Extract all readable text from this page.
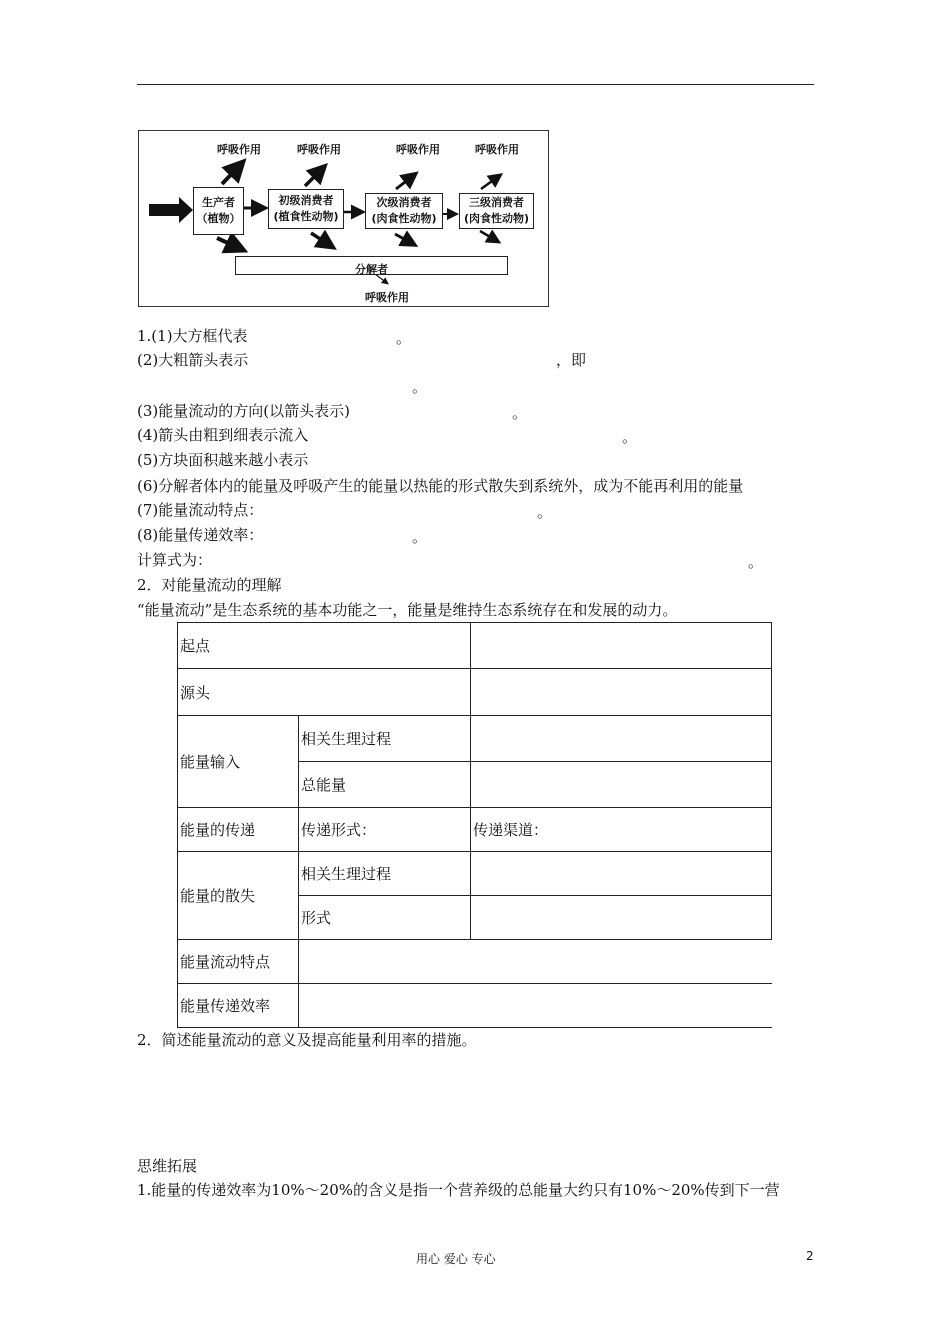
呼吸作用	呼吸作用	呼吸作用	呼吸作用
生产者
（植物）
初级消费者
(植食性动物)
次级消费者
(肉食性动物)
三级消费者
(肉食性动物)
分解者
呼吸作用
1.(1)大方框代表	。
(2)大粗箭头表示	，即
。
(3)能量流动的方向(以箭头表示)	。
(4)箭头由粗到细表示流入	。
(5)方块面积越来越小表示
(6)分解者体内的能量及呼吸产生的能量以热能的形式散失到系统外，成为不能再利用的能量
(7)能量流动特点：	。
(8)能量传递效率：	。
计算式为：	。
2．对能量流动的理解
“能量流动”是生态系统的基本功能之一，能量是维持生态系统存在和发展的动力。
起点		
源头		
能量输入	相关生理过程	
	总能量	
能量的传递	传递形式：	传递渠道：
能量的散失	相关生理过程	
	形式	
能量流动特点		
能量传递效率		
2．简述能量流动的意义及提高能量利用率的措施。
思维拓展
1.能量的传递效率为10%～20%的含义是指一个营养级的总能量大约只有10%～20%传到下一营
用心 爱心 专心	2
